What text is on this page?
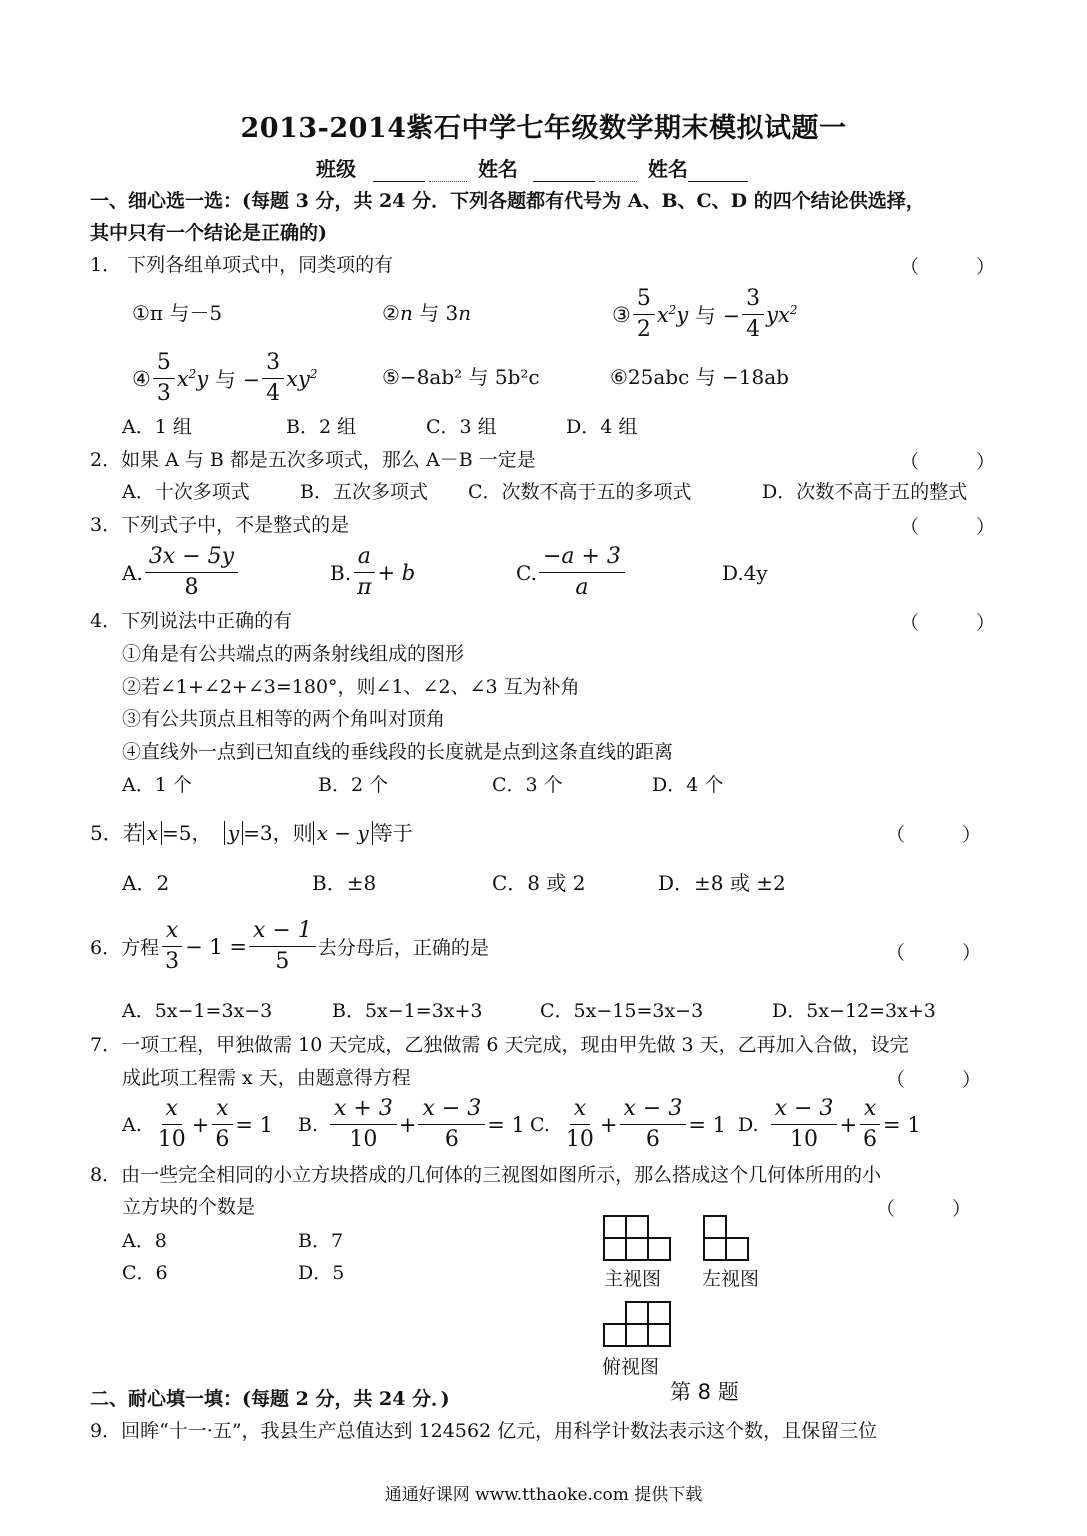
2013-2014紫石中学七年级数学期末模拟试题一
班级	姓名	姓名
一、细心选一选：(每题 3 分，共 24 分．下列各题都有代号为 A、B、C、D 的四个结论供选择，
其中只有一个结论是正确的)
1． 下列各组单项式中，同类项的有	（　　　）
①π 与－5	②n 与 3n	③ $\frac{5}{2} x^2y$
与 − $\frac{3}{4} yx^2$
④ $\frac{5}{3} x^2y$
与 − $\frac{3}{4} xy^2$	⑤−8ab² 与 5b²c	⑥25abc 与 −18ab
A．1 组	B．2 组	C．3 组	D．4 组
2．如果 A 与 B 都是五次多项式，那么 A－B 一定是	（　　　）
A．十次多项式	B．五次多项式 C．次数不高于五的多项式	D．次数不高于五的整式
3．下列式子中，不是整式的是	（　　　）
A. $\frac{3x - 5y}{8}$	B. $\frac{a}{\pi} + b$	C. $\frac{-a + 3}{a}$	D.4y
4．下列说法中正确的有	（　　　）
①角是有公共端点的两条射线组成的图形
②若∠1+∠2+∠3=180°，则∠1、∠2、∠3 互为补角
③有公共顶点且相等的两个角叫对顶角
④直线外一点到已知直线的垂线段的长度就是点到这条直线的距离
A．1 个	B．2 个	C．3 个	D．4 个
5．若 x =5， y =3，则 x − y 等于	（　　　）
A．2	B．±8	C．8 或 2	D．±8 或 ±2
6．方程 $\frac{x}{3} - 1 = \frac{x - 1}{5}$ 去分母后，正确的是	（　　　）
A．5x−1=3x−3	B．5x−1=3x+3	C．5x−15=3x−3	D．5x−12=3x+3
7．一项工程，甲独做需 10 天完成，乙独做需 6 天完成，现由甲先做 3 天，乙再加入合做，设完
成此项工程需 x 天，由题意得方程	（　　　）
A. $\frac{x}{10} + \frac{x}{6} = 1$ B. $\frac{x + 3}{10} + \frac{x - 3}{6} = 1$ C. $\frac{x}{10} + \frac{x - 3}{6} = 1$ D. $\frac{x - 3}{10} + \frac{x}{6} = 1$
8．由一些完全相同的小立方块搭成的几何体的三视图如图所示，那么搭成这个几何体所用的小
立方块的个数是	（　　　）
A．8	B．7
C．6	D．5	主视图 左视图
俯视图
第 8 题
二、耐心填一填：(每题 2 分，共 24 分．)
9．回眸“十一·五”，我县生产总值达到 124562 亿元，用科学计数法表示这个数，且保留三位
通通好课网 www.tthaoke.com 提供下载
